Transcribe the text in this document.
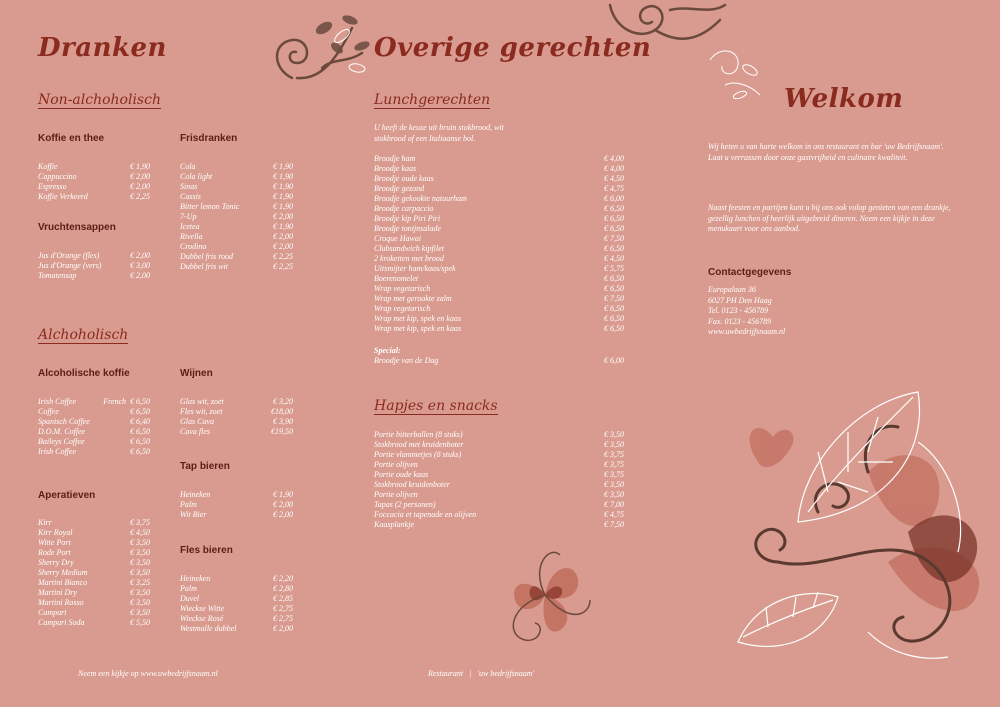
Dranken
Non-alchoholisch
Koffie en thee
Koffie	€ 1,90
Cappuccino	€ 2,00
Espresso	€ 2,00
Koffie Verkeerd	€ 2,25
Vruchtensappen
Jus d'Orange (fles)	€ 2,00
Jus d'Orange (vers)	€ 3,00
Tomatensap	€ 2,00
Frisdranken
Cola	€ 1,90
Cola light	€ 1,90
Sinas	€ 1,90
Cassis	€ 1,90
Bitter lemon Tonic	€ 1,90
7-Up	€ 2,00
Icetea	€ 1,90
Rivella	€ 2,00
Crodino	€ 2,00
Dubbel fris rood	€ 2,25
Dubbel fris wit	€ 2,25
Alchoholisch
Alcoholische koffie
Irish Coffee	French € 6,50
Coffee	€ 6,50
Spanisch Coffee	€ 6,40
D.O.M. Coffee	€ 6,50
Baileys Coffee	€ 6,50
Irish Coffee	€ 6,50
Aperatieven
Kirr	€ 3,75
Kirr Royal	€ 4,50
Witte Port	€ 3,50
Rode Port	€ 3,50
Sherry Dry	€ 3,50
Sherry Medium	€ 3,50
Martini Bianco	€ 3,25
Martini Dry	€ 3,50
Martini Rosso	€ 3,50
Campari	€ 3,50
Campari Soda	€ 5,50
Wijnen
Glas wit, zoet	€ 3,20
Fles wit, zoet	€18,00
Glas Cava	€ 3,90
Cava fles	€19,50
Tap bieren
Heineken	€ 1,90
Palm	€ 2,00
Wit Bier	€ 2,00
Fles bieren
Heineken	€ 2,20
Palm	€ 2,80
Duvel	€ 2,85
Wieckse Witte	€ 2,75
Wieckse Rosé	€ 2,75
Westmalle dubbel	€ 2,00
Neem een kijkje op www.uwbedrijfsnaam.nl
Overige gerechten
Lunchgerechten
U heeft de keuze uit bruin stokbrood, wit stokbrood of een Italiaanse bol.
Broodje ham	€ 4,00
Broodje kaas	€ 4,00
Broodje oude kaas	€ 4,50
Broodje gezond	€ 4,75
Broodje gekookte natuurham	€ 6,00
Broodje carpaccio	€ 6,50
Broodje kip Piri Piri	€ 6,50
Broodje tonijnsalade	€ 6,50
Croque Hawai	€ 7,50
Clubsandwich kipfilet	€ 6,50
2 kroketten met brood	€ 4,50
Uitsmijter ham/kaas/spek	€ 5,75
Boerenomelet	€ 6,50
Wrap vegetarisch	€ 6,50
Wrap met gerookte zalm	€ 7,50
Wrap vegetarisch	€ 6,50
Wrap met kip, spek en kaas	€ 6,50
Wrap met kip, spek en kaas	€ 6,50
Special:
Broodje van de Dag	€ 6,00
Hapjes en snacks
Portie bitterballen (8 stuks)	€ 3,50
Stokbrood met kruidenboter	€ 3,50
Portie vlammetjes (8 stuks)	€ 3,75
Portie olijven	€ 3,75
Portie oude kaas	€ 3,75
Stokbrood kruidenboter	€ 3,50
Portie olijven	€ 3,50
Tapas (2 personen)	€ 7,00
Foccacia et tapenade en olijven	€ 4,75
Kaasplankje	€ 7,50
Restaurant | 'uw bedrijfsnaam'
Welkom
Wij heten u van harte welkom in ons restaurant en bar 'uw Bedrijfsnaam'. Laat u verrassen door onze gastvrijheid en culinaire kwaliteit.
Naast feesten en partijen kunt u bij ons ook volop genieten van een drankje, gezellig lunchen of heerlijk uitgebreid dineren. Neem een kijkje in deze menukaart voor ons aanbod.
Contactgegevens
Europalaan 36
6027 PH Den Haag
Tel. 0123 - 456789
Fax. 0123 - 456789
www.uwbedrijfsnaam.nl
